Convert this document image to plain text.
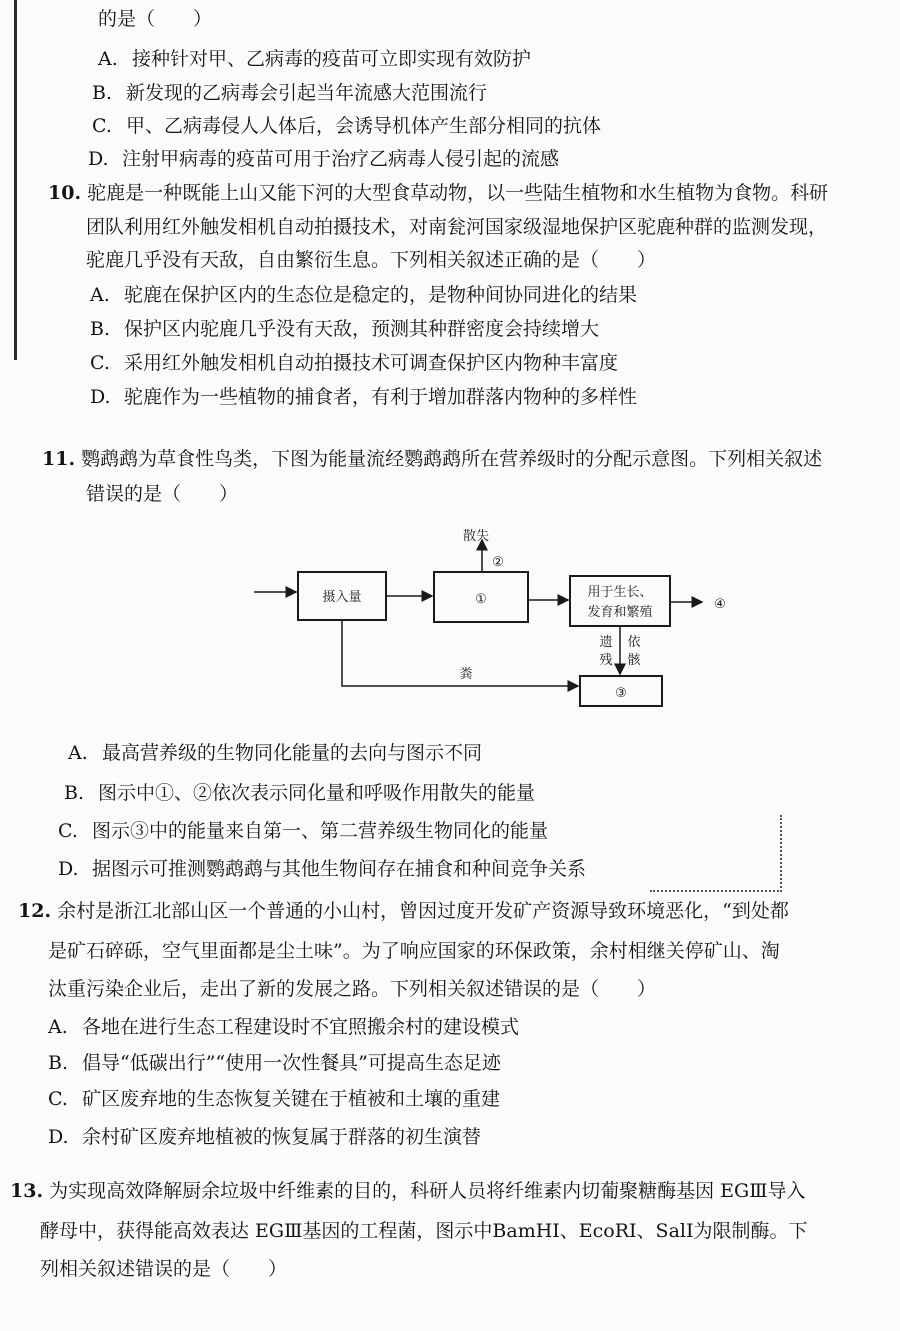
的是（　　）
A. 接种针对甲、乙病毒的疫苗可立即实现有效防护
B. 新发现的乙病毒会引起当年流感大范围流行
C. 甲、乙病毒侵人人体后，会诱导机体产生部分相同的抗体
D. 注射甲病毒的疫苗可用于治疗乙病毒人侵引起的流感
10. 驼鹿是一种既能上山又能下河的大型食草动物，以一些陆生植物和水生植物为食物。科研
团队利用红外触发相机自动拍摄技术，对南瓮河国家级湿地保护区驼鹿种群的监测发现，
驼鹿几乎没有天敌，自由繁衍生息。下列相关叙述正确的是（　　）
A. 驼鹿在保护区内的生态位是稳定的，是物种间协同进化的结果
B. 保护区内驼鹿几乎没有天敌，预测其种群密度会持续增大
C. 采用红外触发相机自动拍摄技术可调查保护区内物种丰富度
D. 驼鹿作为一些植物的捕食者，有利于增加群落内物种的多样性
11. 鹦鹉鹉为草食性鸟类，下图为能量流经鹦鹉鹉所在营养级时的分配示意图。下列相关叙述
错误的是（　　）
摄入量	①
散失
②
用于生长、
发育和繁殖
④
遗
残
依
骸
粪
③
A. 最高营养级的生物同化能量的去向与图示不同
B. 图示中①、②依次表示同化量和呼吸作用散失的能量
C. 图示③中的能量来自第一、第二营养级生物同化的能量
D. 据图示可推测鹦鹉鹉与其他生物间存在捕食和种间竞争关系
12. 余村是浙江北部山区一个普通的小山村，曾因过度开发矿产资源导致环境恶化，“到处都
是矿石碎砾，空气里面都是尘土味”。为了响应国家的环保政策，余村相继关停矿山、淘
汰重污染企业后，走出了新的发展之路。下列相关叙述错误的是（　　）
A. 各地在进行生态工程建设时不宜照搬余村的建设模式
B. 倡导“低碳出行”“使用一次性餐具”可提高生态足迹
C. 矿区废弃地的生态恢复关键在于植被和土壤的重建
D. 余村矿区废弃地植被的恢复属于群落的初生演替
13. 为实现高效降解厨余垃圾中纤维素的目的，科研人员将纤维素内切葡聚糖酶基因 EGⅢ导入
酵母中，获得能高效表达 EGⅢ基因的工程菌，图示中BamHⅠ、EcoRⅠ、SalⅠ为限制酶。下
列相关叙述错误的是（　　）
